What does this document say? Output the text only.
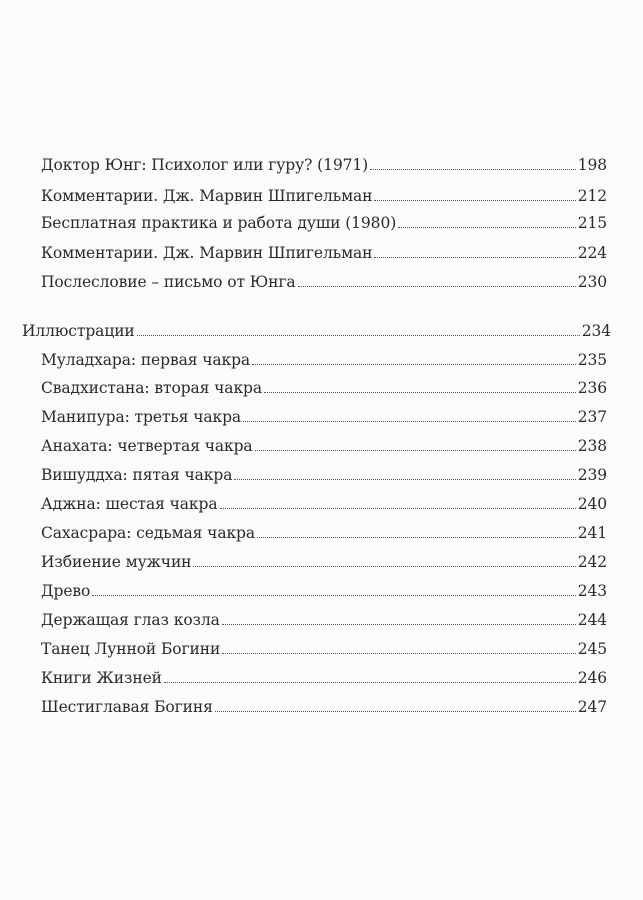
Доктор Юнг: Психолог или гуру? (1971)	198
Комментарии. Дж. Марвин Шпигельман	212
Бесплатная практика и работа души (1980)	215
Комментарии. Дж. Марвин Шпигельман	224
Послесловие – письмо от Юнга	230
Иллюстрации	234
Муладхара: первая чакра	235
Свадхистана: вторая чакра	236
Манипура: третья чакра	237
Анахата: четвертая чакра	238
Вишуддха: пятая чакра	239
Аджна: шестая чакра	240
Сахасрара: седьмая чакра	241
Избиение мужчин	242
Древо	243
Держащая глаз козла	244
Танец Лунной Богини	245
Книги Жизней	246
Шестиглавая Богиня	247
